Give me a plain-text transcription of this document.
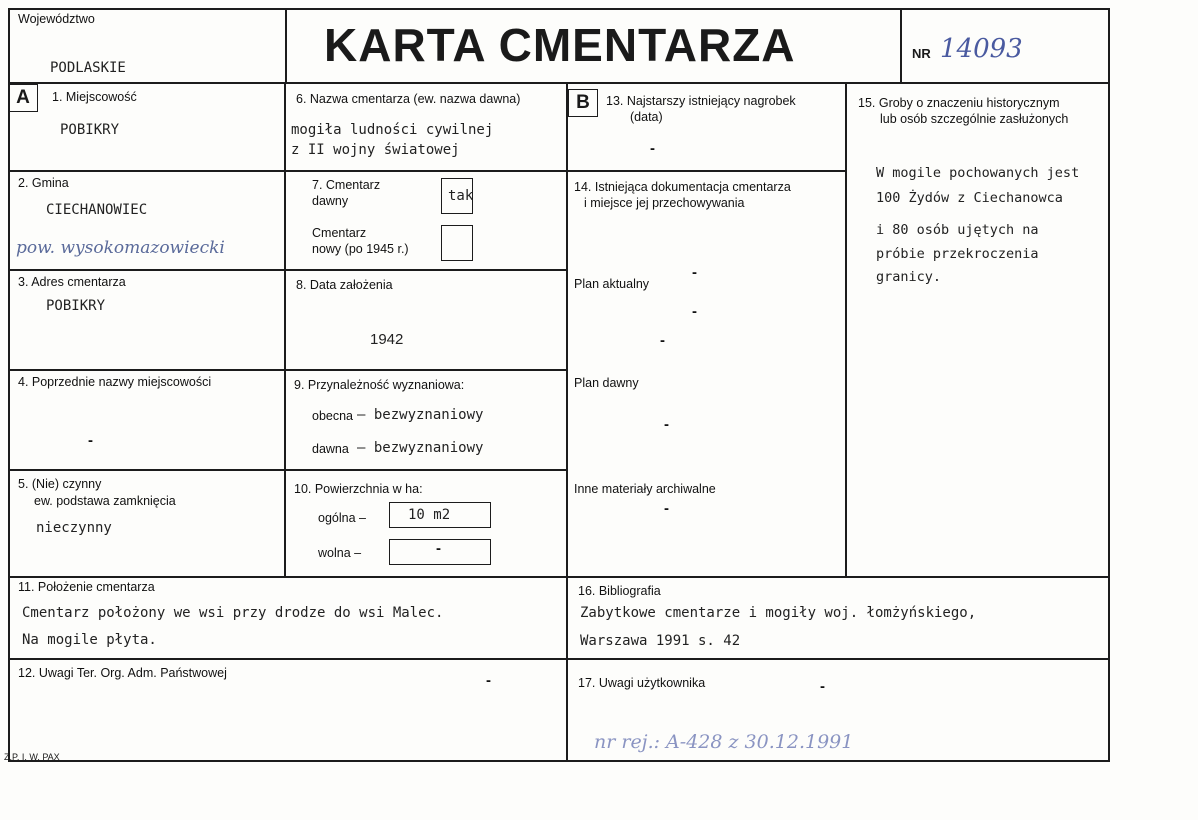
Województwo
PODLASKIE	KARTA CMENTARZA	NR 14093
A	B
1. Miejscowość
POBIKRY
2. Gmina
CIECHANOWIEC
pow. wysokomazowiecki
3. Adres cmentarza
POBIKRY
4. Poprzednie nazwy miejscowości
-
5. (Nie) czynny
ew. podstawa zamknięcia
nieczynny
6. Nazwa cmentarza (ew. nazwa dawna)
mogiła ludności cywilnej
z II wojny światowej
7. Cmentarz
dawny	tak
Cmentarz
nowy (po 1945 r.)
8. Data założenia
1942
9. Przynależność wyznaniowa:
obecna – bezwyznaniowy
dawna – bezwyznaniowy
10. Powierzchnia w ha:
ogólna –	10 m2
wolna –	-
11. Położenie cmentarza
Cmentarz położony we wsi przy drodze do wsi Malec.
Na mogile płyta.
12. Uwagi Ter. Org. Adm. Państwowej	-
13. Najstarszy istniejący nagrobek
(data)
-
14. Istniejąca dokumentacja cmentarza
i miejsce jej przechowywania
-
Plan aktualny
-
-
Plan dawny
-
Inne materiały archiwalne
-
15. Groby o znaczeniu historycznym
lub osób szczególnie zasłużonych
W mogile pochowanych jest
100 Żydów z Ciechanowca
i 80 osób ujętych na
próbie przekroczenia
granicy.
16. Bibliografia
Zabytkowe cmentarze i mogiły woj. łomżyńskiego,
Warszawa 1991 s. 42
17. Uwagi użytkownika	-
nr rej.: A-428 z 30.12.1991
Z.P. I. W. PAX
